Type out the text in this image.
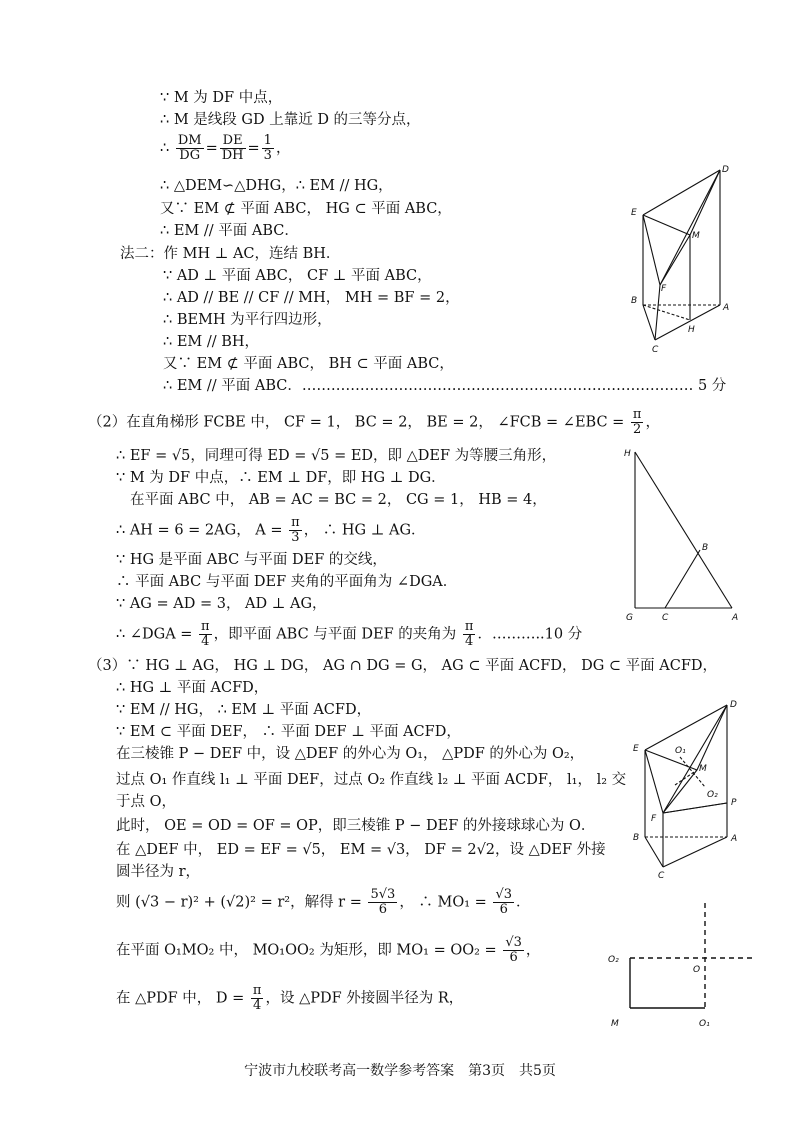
∵ M 为 DF 中点，
∴ M 是线段 GD 上靠近 D 的三等分点，
∴ $\frac{DM}{DG} = \frac{DE}{DH} = \frac{1}{3}$ ，
∴ △DEM∽△DHG，∴ EM // HG，
又∵ EM ⊄ 平面 ABC， HG ⊂ 平面 ABC，
∴ EM // 平面 ABC．
法二：作 MH ⊥ AC，连结 BH．
∵ AD ⊥ 平面 ABC， CF ⊥ 平面 ABC，
∴ AD // BE // CF // MH， MH = BF = 2，
∴ BEMH 为平行四边形，
∴ EM // BH，
又∵ EM ⊄ 平面 ABC， BH ⊂ 平面 ABC，
∴ EM // 平面 ABC．……………………………………………………………………… 5 分
D
E
M
F
B
A
C
H
（2）在直角梯形 FCBE 中， CF = 1， BC = 2， BE = 2， ∠FCB = ∠EBC = $\frac{\pi}{2}$ ，
∴ EF = √5，同理可得 ED = √5 = ED，即 △DEF 为等腰三角形，
∵ M 为 DF 中点，∴ EM ⊥ DF，即 HG ⊥ DG．
在平面 ABC 中， AB = AC = BC = 2， CG = 1， HB = 4，
∴ AH = 6 = 2AG， $A = \frac{\pi}{3}$ ， ∴ HG ⊥ AG．
∵ HG 是平面 ABC 与平面 DEF 的交线，
∴ 平面 ABC 与平面 DEF 夹角的平面角为 ∠DGA．
∵ AG = AD = 3， AD ⊥ AG，
∴ ∠DGA = $\frac{\pi}{4}$ ，即平面 ABC 与平面 DEF 的夹角为 $\frac{\pi}{4}$ ．………..10 分
H
B
G	C	A
（3）∵ HG ⊥ AG， HG ⊥ DG， AG ∩ DG = G， AG ⊂ 平面 ACFD， DG ⊂ 平面 ACFD，
∴ HG ⊥ 平面 ACFD，
∵ EM // HG， ∴ EM ⊥ 平面 ACFD，
∵ EM ⊂ 平面 DEF， ∴ 平面 DEF ⊥ 平面 ACFD，
在三棱锥 P − DEF 中，设 △DEF 的外心为 O₁， △PDF 的外心为 O₂，
过点 O₁ 作直线 l₁ ⊥ 平面 DEF，过点 O₂ 作直线 l₂ ⊥ 平面 ACDF， l₁， l₂ 交
于点 O，
此时， OE = OD = OF = OP，即三棱锥 P − DEF 的外接球球心为 O．
在 △DEF 中， ED = EF = √5， EM = √3， DF = 2√2，设 △DEF 外接
圆半径为 r，
则 (√3 − r)² + (√2)² = r²，解得 $r = \frac{5√3}{6}$ ， ∴ $MO_1 = \frac{√3}{6}$ ．
在平面 O₁MO₂ 中， MO₁OO₂ 为矩形，即 $MO_1 = OO_2 = \frac{√3}{6}$ ，
在 △PDF 中， $D = \frac{\pi}{4}$ ，设 △PDF 外接圆半径为 R，
D
E	O₁
M
O₂
P
F
B	A
C
O₂
O
M	O₁
宁波市九校联考高一数学参考答案　第3页　共5页
